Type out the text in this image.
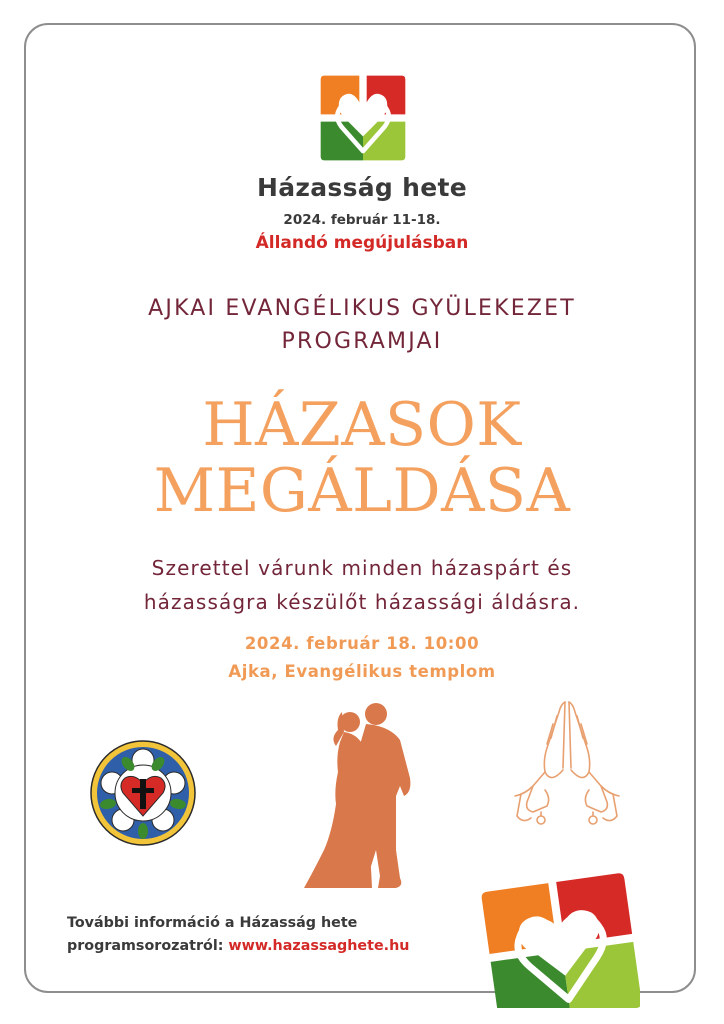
Házasság hete
2024. február 11-18.
Állandó megújulásban
AJKAI EVANGÉLIKUS GYÜLEKEZET
PROGRAMJAI
HÁZASOK
MEGÁLDÁSA
Szerettel várunk minden házaspárt és
házasságra készülőt házassági áldásra.
2024. február 18. 10:00
Ajka, Evangélikus templom
További információ a Házasság hete
programsorozatról: www.hazassaghete.hu
